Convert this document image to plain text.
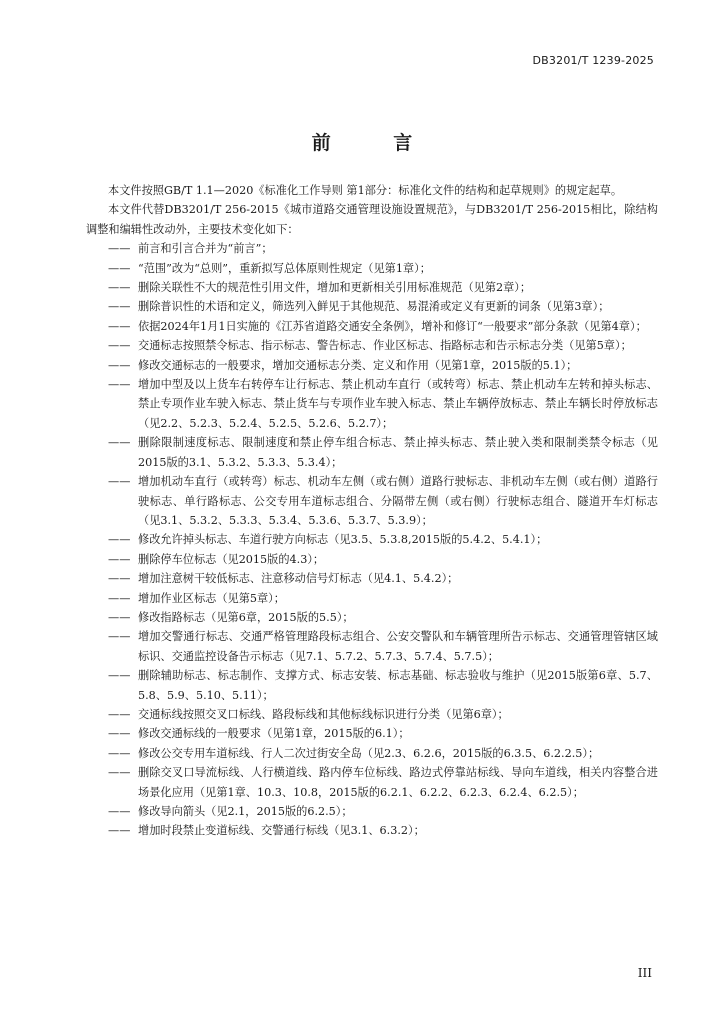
DB3201/T 1239-2025
前 言

本文件按照GB/T 1.1—2020《标准化工作导则 第1部分：标准化文件的结构和起草规则》的规定起草。

本文件代替DB3201/T 256-2015《城市道路交通管理设施设置规范》，与DB3201/T 256-2015相比，除结构调整和编辑性改动外，主要技术变化如下：

—— 前言和引言合并为“前言”；
—— “范围”改为“总则”，重新拟写总体原则性规定（见第1章）；
—— 删除关联性不大的规范性引用文件，增加和更新相关引用标准规范（见第2章）；
—— 删除普识性的术语和定义，筛选列入鲜见于其他规范、易混淆或定义有更新的词条（见第3章）；
—— 依据2024年1月1日实施的《江苏省道路交通安全条例》，增补和修订“一般要求”部分条款（见第4章）；
—— 交通标志按照禁令标志、指示标志、警告标志、作业区标志、指路标志和告示标志分类（见第5章）；
—— 修改交通标志的一般要求，增加交通标志分类、定义和作用（见第1章，2015版的5.1）；
—— 增加中型及以上货车右转停车让行标志、禁止机动车直行（或转弯）标志、禁止机动车左转和掉头标志、禁止专项作业车驶入标志、禁止货车与专项作业车驶入标志、禁止车辆停放标志、禁止车辆长时停放标志（见2.2、5.2.3、5.2.4、5.2.5、5.2.6、5.2.7）；
—— 删除限制速度标志、限制速度和禁止停车组合标志、禁止掉头标志、禁止驶入类和限制类禁令标志（见2015版的3.1、5.3.2、5.3.3、5.3.4）；
—— 增加机动车直行（或转弯）标志、机动车左侧（或右侧）道路行驶标志、非机动车左侧（或右侧）道路行驶标志、单行路标志、公交专用车道标志组合、分隔带左侧（或右侧）行驶标志组合、隧道开车灯标志（见3.1、5.3.2、5.3.3、5.3.4、5.3.6、5.3.7、5.3.9）；
—— 修改允许掉头标志、车道行驶方向标志（见3.5、5.3.8,2015版的5.4.2、5.4.1）；
—— 删除停车位标志（见2015版的4.3）；
—— 增加注意树干较低标志、注意移动信号灯标志（见4.1、5.4.2）；
—— 增加作业区标志（见第5章）；
—— 修改指路标志（见第6章，2015版的5.5）；
—— 增加交警通行标志、交通严格管理路段标志组合、公安交警队和车辆管理所告示标志、交通管理管辖区域标识、交通监控设备告示标志（见7.1、5.7.2、5.7.3、5.7.4、5.7.5）；
—— 删除辅助标志、标志制作、支撑方式、标志安装、标志基础、标志验收与维护（见2015版第6章、5.7、5.8、5.9、5.10、5.11）；
—— 交通标线按照交叉口标线、路段标线和其他标线标识进行分类（见第6章）；
—— 修改交通标线的一般要求（见第1章，2015版的6.1）；
—— 修改公交专用车道标线、行人二次过街安全岛（见2.3、6.2.6，2015版的6.3.5、6.2.2.5）；
—— 删除交叉口导流标线、人行横道线、路内停车位标线、路边式停靠站标线、导向车道线，相关内容整合进场景化应用（见第1章、10.3、10.8，2015版的6.2.1、6.2.2、6.2.3、6.2.4、6.2.5）；
—— 修改导向箭头（见2.1，2015版的6.2.5）；
—— 增加时段禁止变道标线、交警通行标线（见3.1、6.3.2）；
III
